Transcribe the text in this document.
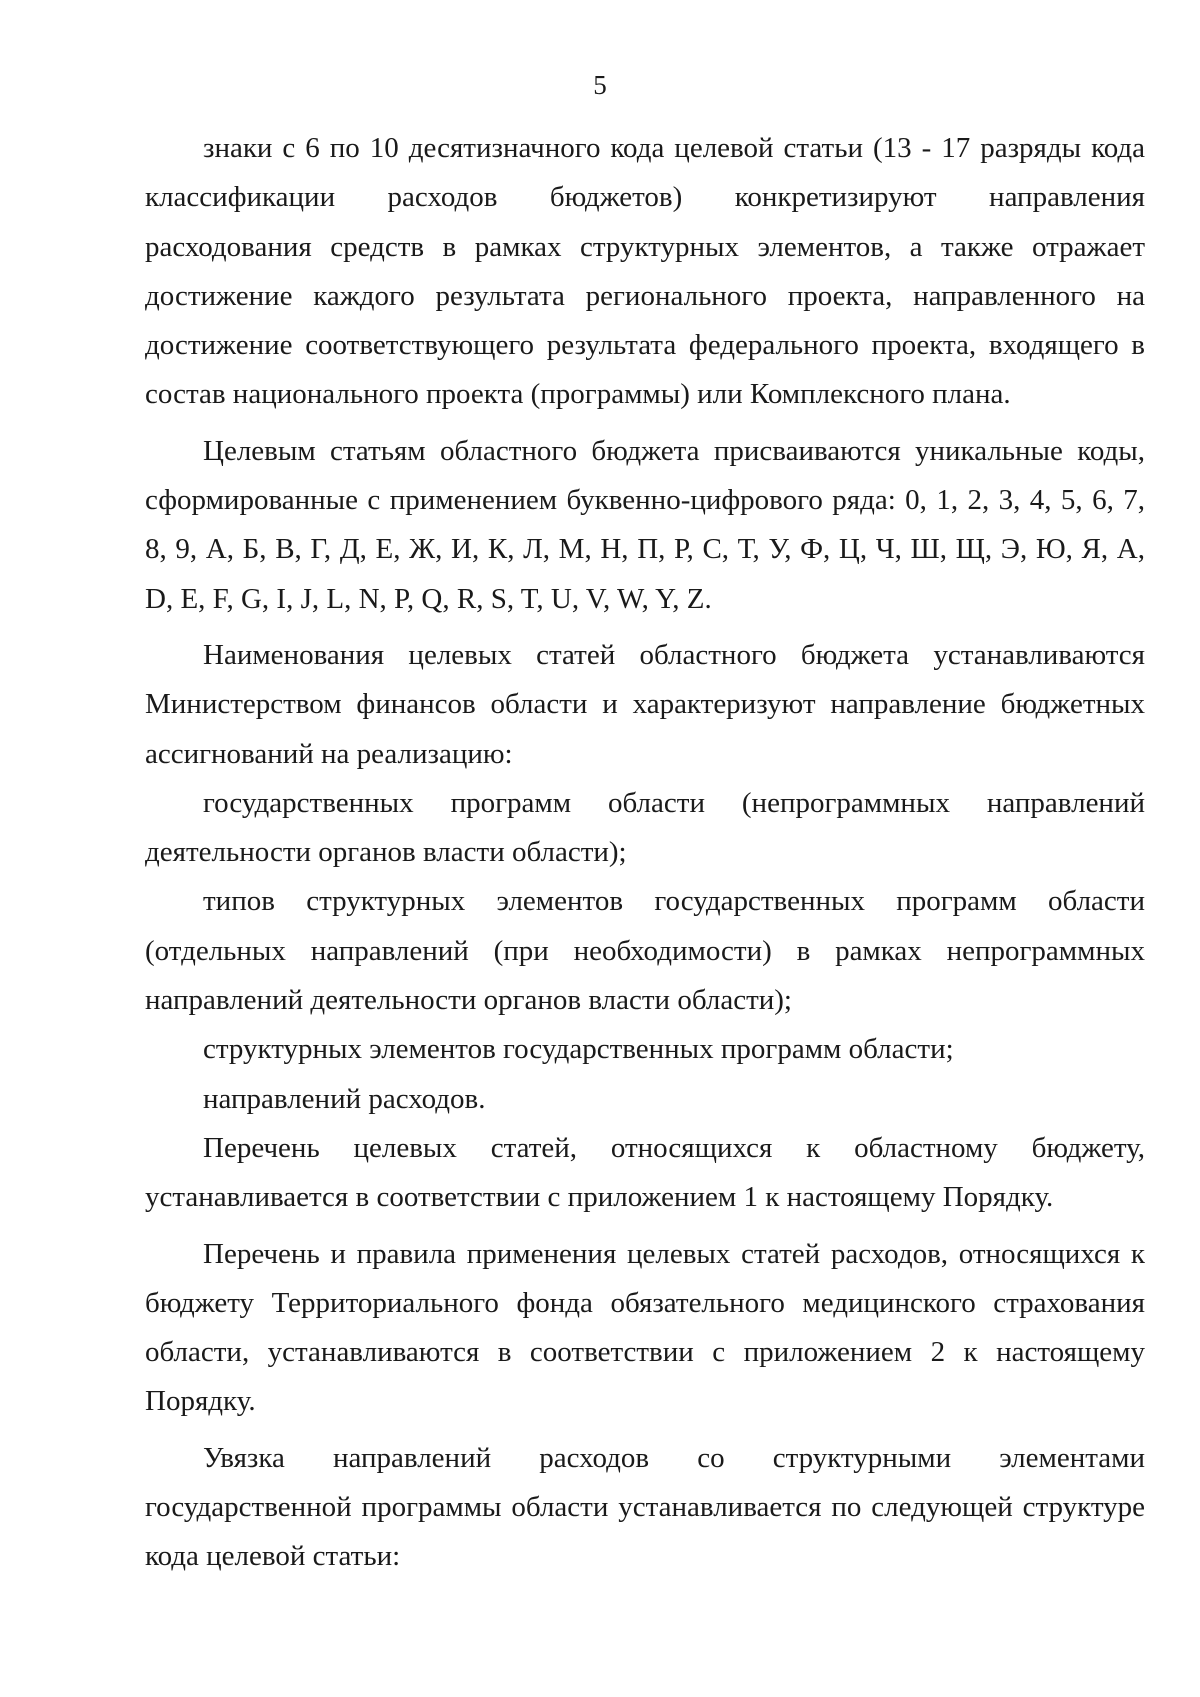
5

знаки с 6 по 10 десятизначного кода целевой статьи (13 - 17 разряды кода
классификации расходов бюджетов) конкретизируют направления
расходования средств в рамках структурных элементов, а также отражает
достижение каждого результата регионального проекта, направленного на
достижение соответствующего результата федерального проекта, входящего в
состав национального проекта (программы) или Комплексного плана.

Целевым статьям областного бюджета присваиваются уникальные коды,
сформированные с применением буквенно-цифрового ряда: 0, 1, 2, 3, 4, 5, 6, 7,
8, 9, А, Б, В, Г, Д, Е, Ж, И, К, Л, М, Н, П, Р, С, Т, У, Ф, Ц, Ч, Ш, Щ, Э, Ю, Я, A,
D, E, F, G, I, J, L, N, P, Q, R, S, T, U, V, W, Y, Z.

Наименования целевых статей областного бюджета устанавливаются
Министерством финансов области и характеризуют направление бюджетных
ассигнований на реализацию:

государственных программ области (непрограммных направлений
деятельности органов власти области);

типов структурных элементов государственных программ области
(отдельных направлений (при необходимости) в рамках непрограммных
направлений деятельности органов власти области);

структурных элементов государственных программ области;

направлений расходов.

Перечень целевых статей, относящихся к областному бюджету,
устанавливается в соответствии с приложением 1 к настоящему Порядку.

Перечень и правила применения целевых статей расходов, относящихся к
бюджету Территориального фонда обязательного медицинского страхования
области, устанавливаются в соответствии с приложением 2 к настоящему
Порядку.

Увязка направлений расходов со структурными элементами
государственной программы области устанавливается по следующей структуре
кода целевой статьи:
